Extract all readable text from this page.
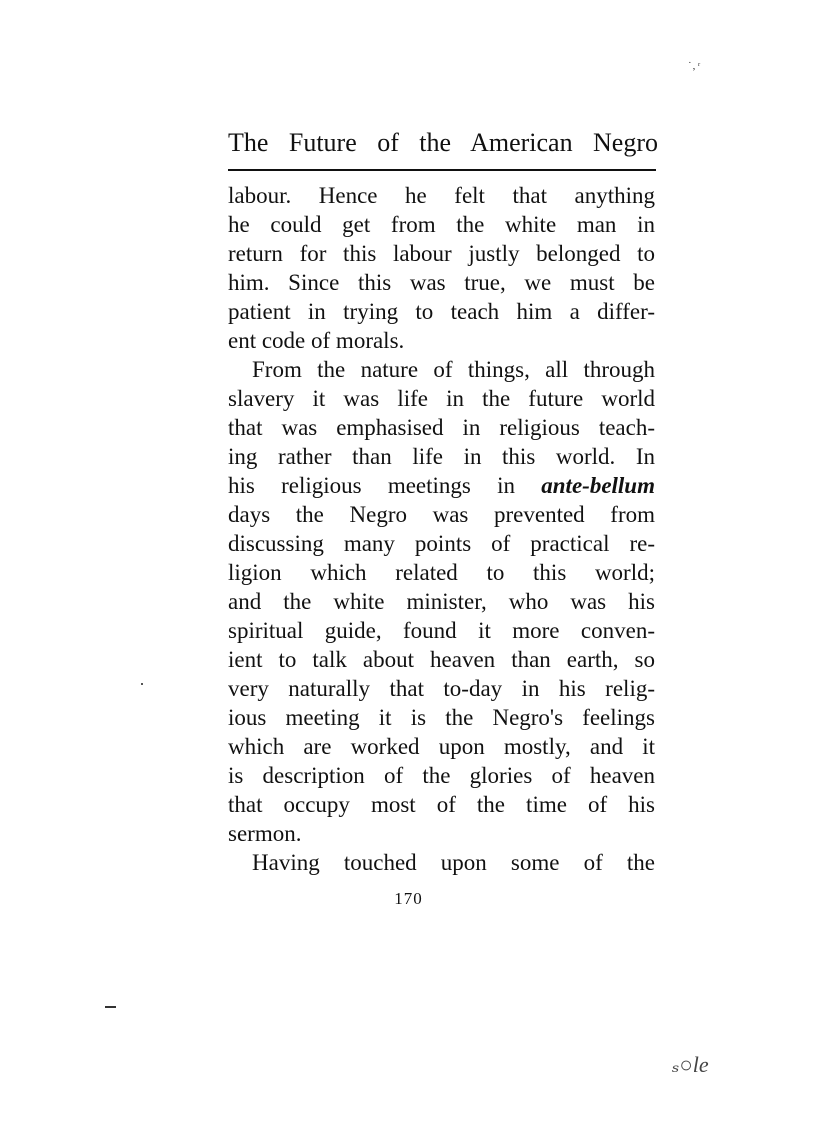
˙, ͬ
The Future of the American Negro
labour. Hence he felt that anything
he could get from the white man in
return for this labour justly belonged to
him. Since this was true, we must be
patient in trying to teach him a differ-
ent code of morals.
From the nature of things, all through
slavery it was life in the future world
that was emphasised in religious teach-
ing rather than life in this world. In
his religious meetings in ante-bellum
days the Negro was prevented from
discussing many points of practical re-
ligion which related to this world;
and the white minister, who was his
spiritual guide, found it more conven-
ient to talk about heaven than earth, so
very naturally that to-day in his relig-
ious meeting it is the Negro's feelings
which are worked upon mostly, and it
is description of the glories of heaven
that occupy most of the time of his
sermon.
Having touched upon some of the
170
ₛ○le
